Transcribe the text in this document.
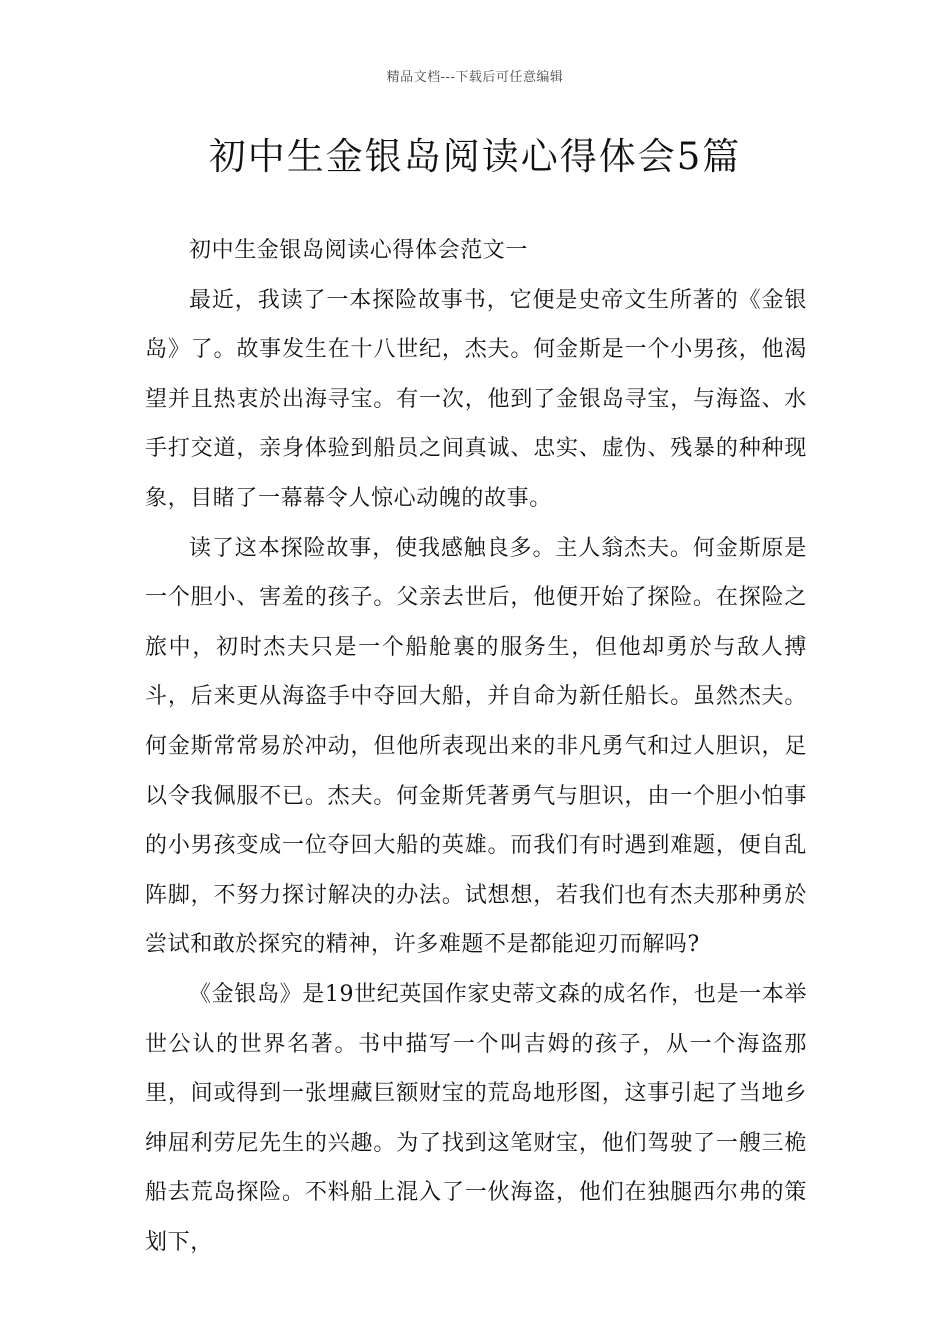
精品文档---下载后可任意编辑
初中生金银岛阅读心得体会5篇

初中生金银岛阅读心得体会范文一

最近，我读了一本探险故事书，它便是史帝文生所著的《金银岛》了。故事发生在十八世纪，杰夫。何金斯是一个小男孩，他渴望并且热衷於出海寻宝。有一次，他到了金银岛寻宝，与海盗、水手打交道，亲身体验到船员之间真诚、忠实、虚伪、残暴的种种现象，目睹了一幕幕令人惊心动魄的故事。

读了这本探险故事，使我感触良多。主人翁杰夫。何金斯原是一个胆小、害羞的孩子。父亲去世后，他便开始了探险。在探险之旅中，初时杰夫只是一个船舱裏的服务生，但他却勇於与敌人搏斗，后来更从海盗手中夺回大船，并自命为新任船长。虽然杰夫。何金斯常常易於冲动，但他所表现出来的非凡勇气和过人胆识，足以令我佩服不已。杰夫。何金斯凭著勇气与胆识，由一个胆小怕事的小男孩变成一位夺回大船的英雄。而我们有时遇到难题，便自乱阵脚，不努力探讨解决的办法。试想想，若我们也有杰夫那种勇於尝试和敢於探究的精神，许多难题不是都能迎刃而解吗?

《金银岛》是19世纪英国作家史蒂文森的成名作，也是一本举世公认的世界名著。书中描写一个叫吉姆的孩子，从一个海盗那里，间或得到一张埋藏巨额财宝的荒岛地形图，这事引起了当地乡绅屈利劳尼先生的兴趣。为了找到这笔财宝，他们驾驶了一艘三桅船去荒岛探险。不料船上混入了一伙海盗，他们在独腿西尔弗的策划下，
